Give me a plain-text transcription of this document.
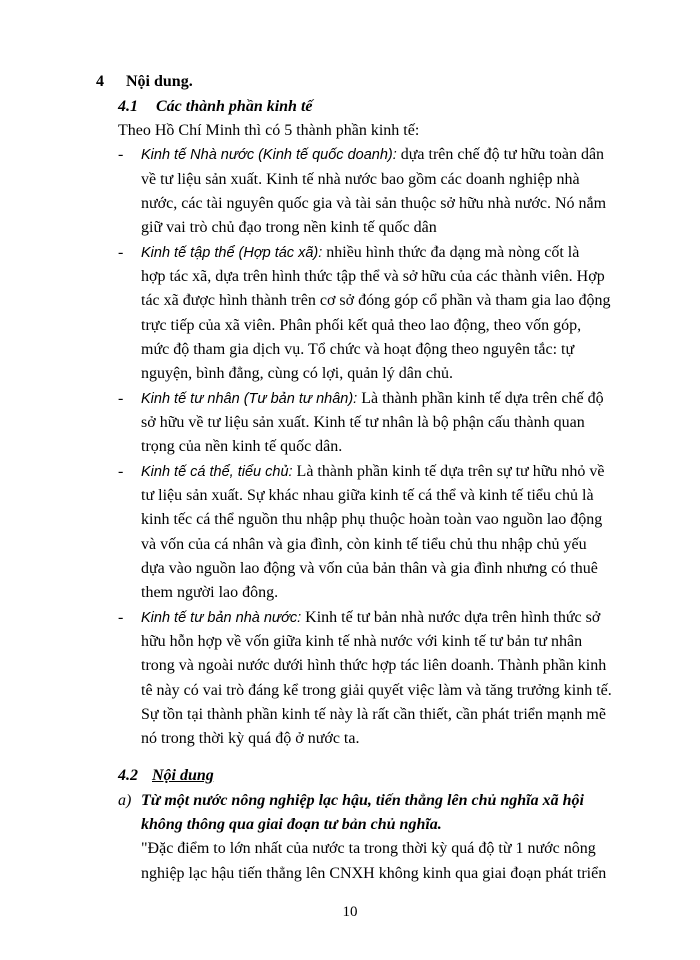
4 Nội dung.
4.1 Các thành phần kinh tế
Theo Hồ Chí Minh thì có 5 thành phần kinh tế:
- Kinh tế Nhà nước (Kinh tế quốc doanh): dựa trên chế độ tư hữu toàn dân
về tư liệu sản xuất. Kinh tế nhà nước bao gồm các doanh nghiệp nhà
nước, các tài nguyên quốc gia và tài sản thuộc sở hữu nhà nước. Nó nắm
giữ vai trò chủ đạo trong nền kinh tế quốc dân
- Kinh tế tập thể (Hợp tác xã): nhiều hình thức đa dạng mà nòng cốt là
hợp tác xã, dựa trên hình thức tập thể và sở hữu của các thành viên. Hợp
tác xã được hình thành trên cơ sở đóng góp cổ phần và tham gia lao động
trực tiếp của xã viên. Phân phối kết quả theo lao động, theo vốn góp,
mức độ tham gia dịch vụ. Tổ chức và hoạt động theo nguyên tắc: tự
nguyện, bình đẳng, cùng có lợi, quản lý dân chủ.
- Kinh tế tư nhân (Tư bản tư nhân): Là thành phần kinh tế dựa trên chế độ
sở hữu về tư liệu sản xuất. Kinh tế tư nhân là bộ phận cấu thành quan
trọng của nền kinh tế quốc dân.
- Kinh tế cá thể, tiểu chủ: Là thành phần kinh tế dựa trên sự tư hữu nhỏ về
tư liệu sản xuất. Sự khác nhau giữa kinh tế cá thể và kinh tế tiểu chủ là
kinh tếc cá thể nguồn thu nhập phụ thuộc hoàn toàn vao nguồn lao động
và vốn của cá nhân và gia đình, còn kinh tế tiểu chủ thu nhập chủ yếu
dựa vào nguồn lao động và vốn của bản thân và gia đình nhưng có thuê
them người lao đông.
- Kinh tế tư bản nhà nước: Kinh tế tư bản nhà nước dựa trên hình thức sở
hữu hỗn hợp về vốn giữa kinh tế nhà nước với kinh tế tư bản tư nhân
trong và ngoài nước dưới hình thức hợp tác liên doanh. Thành phần kinh
tê này có vai trò đáng kể trong giải quyết việc làm và tăng trưởng kinh tế.
Sự tồn tại thành phần kinh tế này là rất cần thiết, cần phát triển mạnh mẽ
nó trong thời kỳ quá độ ở nước ta.
4.2 Nội dung
a) Từ một nước nông nghiệp lạc hậu, tiến thẳng lên chủ nghĩa xã hội
không thông qua giai đoạn tư bản chủ nghĩa.
"Đặc điểm to lớn nhất của nước ta trong thời kỳ quá độ từ 1 nước nông
nghiệp lạc hậu tiến thẳng lên CNXH không kinh qua giai đoạn phát triển
10
